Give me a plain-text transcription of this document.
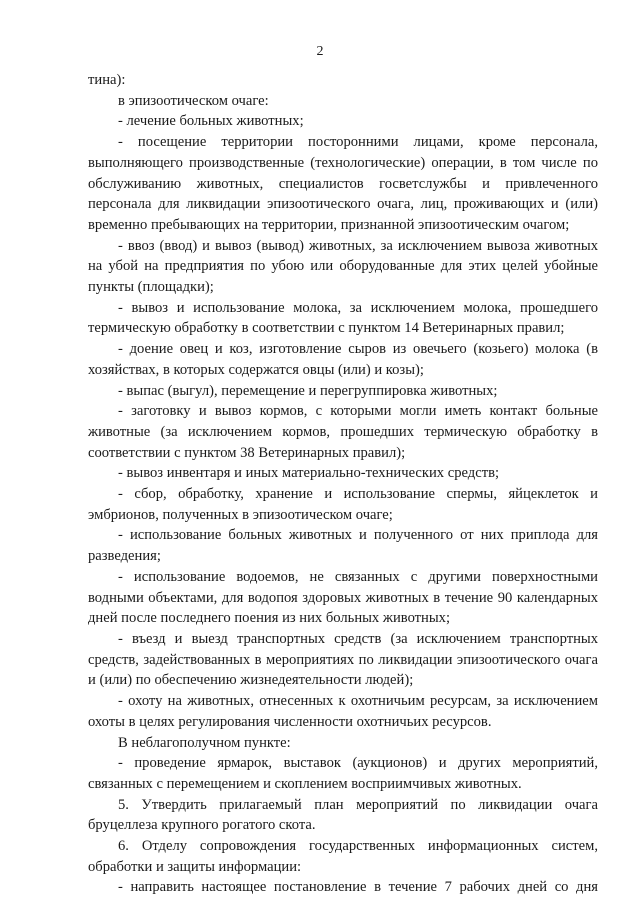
2

тина):

в эпизоотическом очаге:

- лечение больных животных;

- посещение территории посторонними лицами, кроме персонала, выполняющего производственные (технологические) операции, в том числе по обслуживанию животных, специалистов госветслужбы и привлеченного персонала для ликвидации эпизоотического очага, лиц, проживающих и (или) временно пребывающих на территории, признанной эпизоотическим очагом;

- ввоз (ввод) и вывоз (вывод) животных, за исключением вывоза животных на убой на предприятия по убою или оборудованные для этих целей убойные пункты (площадки);

- вывоз и использование молока, за исключением молока, прошедшего термическую обработку в соответствии с пунктом 14 Ветеринарных правил;

- доение овец и коз, изготовление сыров из овечьего (козьего) молока (в хозяйствах, в которых содержатся овцы (или) и козы);

- выпас (выгул), перемещение и перегруппировка животных;

- заготовку и вывоз кормов, с которыми могли иметь контакт больные животные (за исключением кормов, прошедших термическую обработку в соответствии с пунктом 38 Ветеринарных правил);

- вывоз инвентаря и иных материально-технических средств;

- сбор, обработку, хранение и использование спермы, яйцеклеток и эмбрионов, полученных в эпизоотическом очаге;

- использование больных животных и полученного от них приплода для разведения;

- использование водоемов, не связанных с другими поверхностными водными объектами, для водопоя здоровых животных в течение 90 календарных дней после последнего поения из них больных животных;

- въезд и выезд транспортных средств (за исключением транспортных средств, задействованных в мероприятиях по ликвидации эпизоотического очага и (или) по обеспечению жизнедеятельности людей);

- охоту на животных, отнесенных к охотничьим ресурсам, за исключением охоты в целях регулирования численности охотничьих ресурсов.

В неблагополучном пункте:

- проведение ярмарок, выставок (аукционов) и других мероприятий, связанных с перемещением и скоплением восприимчивых животных.

5. Утвердить прилагаемый план мероприятий по ликвидации очага бруцеллеза крупного рогатого скота.

6. Отделу сопровождения государственных информационных систем, обработки и защиты информации:

- направить настоящее постановление в течение 7 рабочих дней со дня
